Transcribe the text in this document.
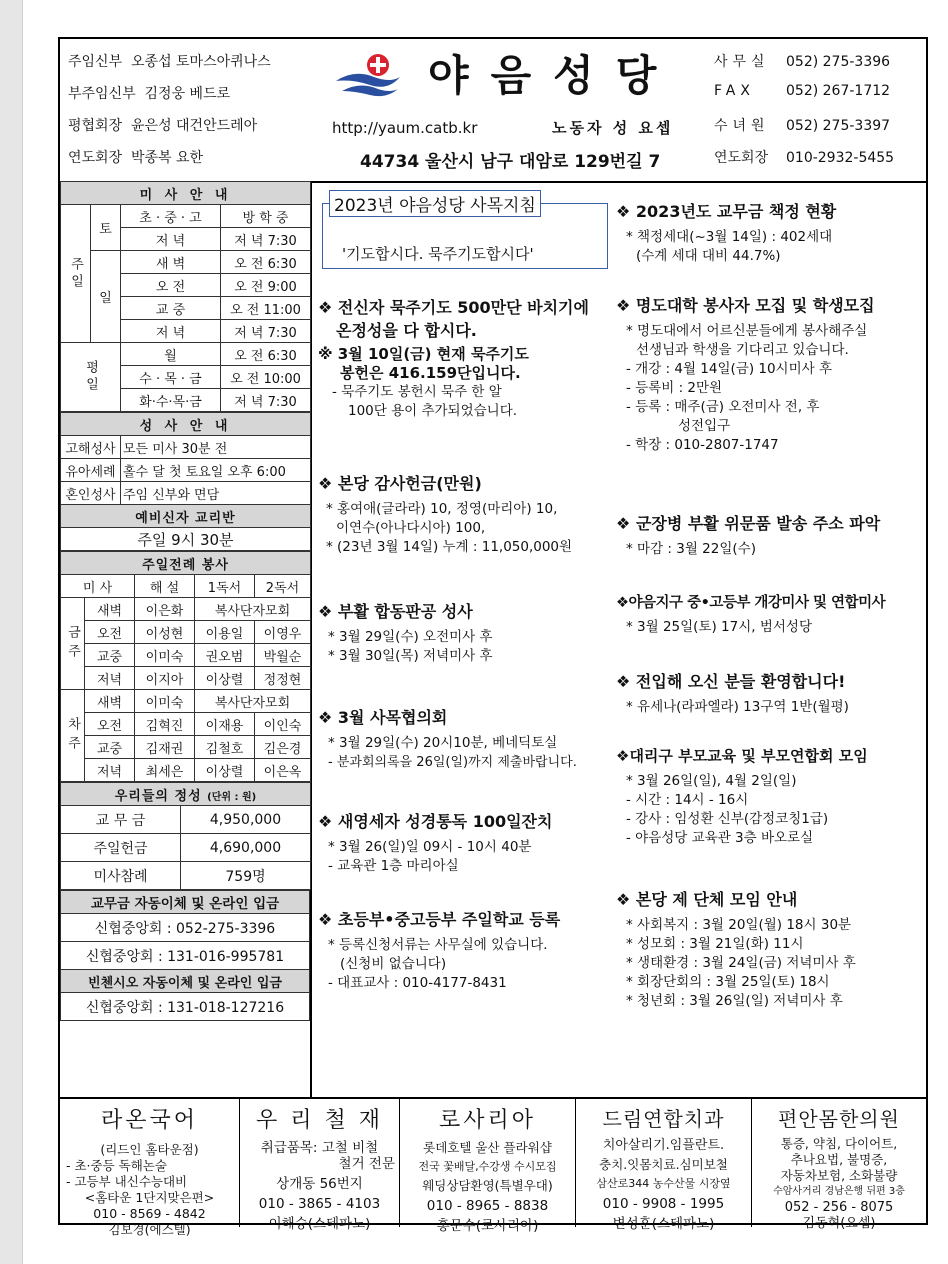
주임신부 오종섭 토마스아퀴나스
부주임신부 김정웅 베드로
평협회장 윤은성 대건안드레아
연도회장 박종복 요한
야음성당
http://yaum.catb.kr	노동자 성 요셉
44734 울산시 남구 대암로 129번길 7
사무실 052) 275-3396
FAX 052) 267-1712
수녀원 052) 275-3397
연도회장 010-2932-5455
미 사 안 내			
주일	토	초 · 중 · 고	방 학 중
		저 녁	저 녁 7:30
	일	새 벽	오 전 6:30
		오 전	오 전 9:00
		교 중	오 전 11:00
		저 녁	저 녁 7:30
평일		월	오 전 6:30
		수 · 목 · 금	오 전 10:00
		화·수·목·금	저 녁 7:30
성 사 안 내	
고해성사	모든 미사 30분 전
유아세례	홀수 달 첫 토요일 오후 6:00
혼인성사	주임 신부와 면담
예비신자 교리반	
주일 9시 30분	
주일전례 봉사				
미 사		해 설	1독서	2독서
금주	새벽	이은화	복사단자모회	
	오전	이성현	이용일	이영우
	교중	이미숙	권오범	박월순
	저녁	이지아	이상렬	정정현
차주	새벽	이미숙	복사단자모회	
	오전	김혁진	이재용	이인숙
	교중	김재권	김철호	김은경
	저녁	최세은	이상렬	이은옥
우리들의 정성 (단위 : 원)	
교 무 금	4,950,000
주일헌금	4,690,000
미사참례	759명
교무금 자동이체 및 온라인 입금
신협중앙회 : 052-275-3396
신협중앙회 : 131-016-995781
빈첸시오 자동이체 및 온라인 입금
신협중앙회 : 131-018-127216
2023년 야음성당 사목지침
'기도합시다. 묵주기도합시다'

❖ 전신자 묵주기도 500만단 바치기에

온정성을 다 합시다.

※ 3월 10일(금) 현재 묵주기도

봉헌은 416.159단입니다.

- 묵주기도 봉헌시 묵주 한 알

100단 용이 추가되었습니다.

❖ 본당 감사헌금(만원)

* 홍여애(글라라) 10, 정영(마리아) 10,

이연수(아나다시아) 100,

* (23년 3월 14일) 누계 : 11,050,000원

❖ 부활 합동판공 성사

* 3월 29일(수) 오전미사 후

* 3월 30일(목) 저녁미사 후

❖ 3월 사목협의회

* 3월 29일(수) 20시10분, 베네딕토실

- 분과회의록을 26일(일)까지 제출바랍니다.

❖ 새영세자 성경통독 100일잔치

* 3월 26(일)일 09시 - 10시 40분

- 교육관 1층 마리아실

❖ 초등부•중고등부 주일학교 등록

* 등록신청서류는 사무실에 있습니다.

(신청비 없습니다)

- 대표교사 : 010-4177-8431

❖ 2023년도 교무금 책정 현황

* 책정세대(~3월 14일) : 402세대

(수계 세대 대비 44.7%)

❖ 명도대학 봉사자 모집 및 학생모집

* 명도대에서 어르신분들에게 봉사해주실

선생님과 학생을 기다리고 있습니다.

- 개강 : 4월 14일(금) 10시미사 후

- 등록비 : 2만원

- 등록 : 매주(금) 오전미사 전, 후

성전입구

- 학장 : 010-2807-1747

❖ 군장병 부활 위문품 발송 주소 파악

* 마감 : 3월 22일(수)

❖야음지구 중•고등부 개강미사 및 연합미사

* 3월 25일(토) 17시, 범서성당

❖ 전입해 오신 분들 환영합니다!

* 유세나(라파엘라) 13구역 1반(월평)

❖대리구 부모교육 및 부모연합회 모임

* 3월 26일(일), 4월 2일(일)

- 시간 : 14시 - 16시

- 강사 : 임성환 신부(감정코칭1급)

- 야음성당 교육관 3층 바오로실

❖ 본당 제 단체 모임 안내

* 사회복지 : 3월 20일(월) 18시 30분

* 성모회 : 3월 21일(화) 11시

* 생태환경 : 3월 24일(금) 저녁미사 후

* 회장단회의 : 3월 25일(토) 18시

* 청년회 : 3월 26일(일) 저녁미사 후

라온국어
(리드인 홈타운점)
- 초·중등 독해논술
- 고등부 내신수능대비
<홈타운 1단지맞은편>
010 - 8569 - 4842
김보경(에스텔)
우 리 철 재
취급품목: 고철 비철
철거 전문
상개동 56번지
010 - 3865 - 4103
이해승(스테파노)
로사리아
롯데호텔 울산 플라워샵
전국 꽃배달,수강생 수시모집
웨딩상담환영(특별우대)
010 - 8965 - 8838
홍문수(로사리아)
드림연합치과
치아살리기.임플란트.
충치.잇몸치료.심미보철
삼산로344 농수산물 시장옆
010 - 9908 - 1995
변성훈(스테파노)
편안몸한의원
통증, 약침, 다이어트,
추나요법, 불명증,
자동차보험, 소화불량
수암사거리 경남은행 뒤편 3층
052 - 256 - 8075
김동혁(요셉)
